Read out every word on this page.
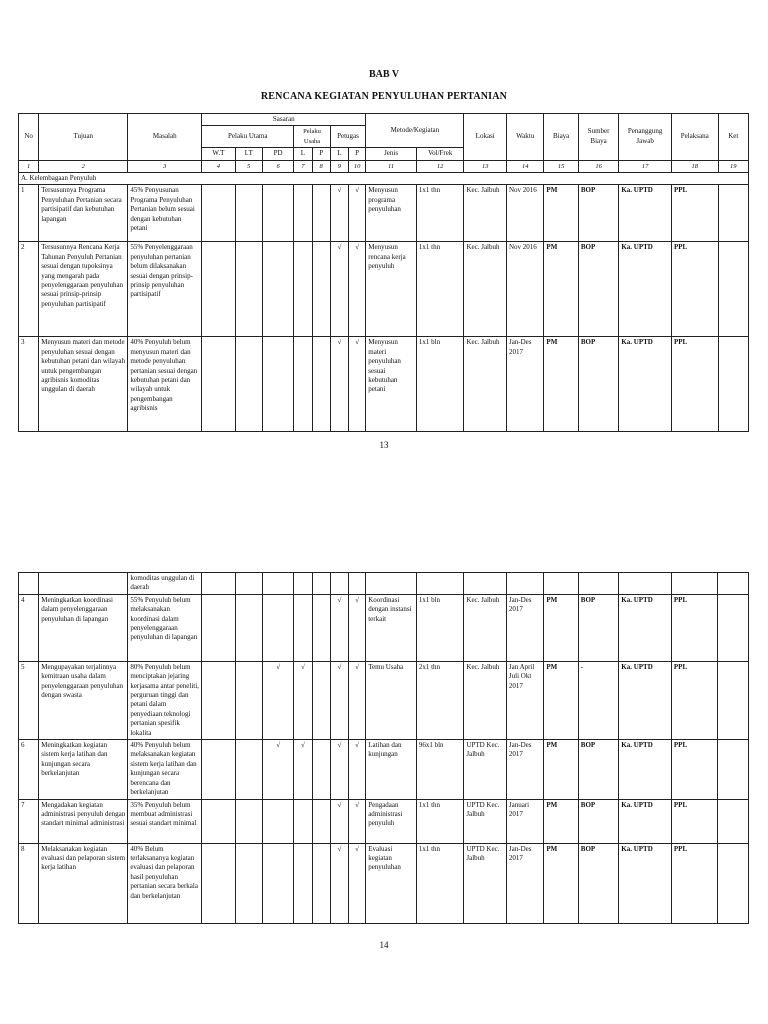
BAB V
RENCANA KEGIATAN PENYULUHAN PERTANIAN
No	Tujuan	Masalah	Sasaran							Metode/Kegiatan		Lokasi	Waktu	Biaya	Sumber Biaya	Penanggung Jawab	Pelaksana	Ket
			Pelaku Utama			Pelaku Usaha		Petugas										
			W.T	I.T	PD	L	P	L	P	Jenis	Vol/Frek							
1	2	3	4	5	6	7	8	9	10	11	12	13	14	15	16	17	18	19
A. Kelembagaan Penyuluh																		
1	Tersusunnya Programa Penyuluhan Pertanian secara partisipatif dan kebutuhan lapangan	45% Penyusunan Programa Penyuluhan Pertanian belum sesuai dengan kebutuhan petani						√	√	Menyusun programa penyuluhan	1x1 thn	Kec. Jalbuh	Nov 2016	PM	BOP	Ka. UPTD	PPL	
2	Tersusunnya Rencana Kerja Tahunan Penyuluh Pertanian sesuai dengan tupoksinya yang mengarah pada penyelenggaraan penyuluhan sesuai prinsip-prinsip penyuluhan partisipatif	55% Penyelenggaraan penyuluhan pertanian belum dilaksanakan sesuai dengan prinsip-prinsip penyuluhan partisipatif						√	√	Menyusun rencana kerja penyuluh	1x1 thn	Kec. Jalbuh	Nov 2016	PM	BOP	Ka. UPTD	PPL	
3	Menyusun materi dan metode penyuluhan sesuai dengan kebutuhan petani dan wilayah untuk pengembangan agribisnis komoditas unggulan di daerah	40% Penyuluh belum menyusun materi dan metode penyuluhan pertanian sesuai dengan kebutuhan petani dan wilayah untuk pengembangan agribisnis						√	√	Menyusun materi penyuluhan sesuai kebutuhan petani	1x1 bln	Kec. Jalbuh	Jan-Des 2017	PM	BOP	Ka. UPTD	PPL	
13
		komoditas unggulan di daerah																
4	Meningkatkan koordinasi dalam penyelenggaraan penyuluhan di lapangan	55% Penyuluh belum melaksanakan koordinasi dalam penyelenggaraan penyuluhan di lapangan						√	√	Koordinasi dengan instansi terkait	1x1 bln	Kec. Jalbuh	Jan-Des 2017	PM	BOP	Ka. UPTD	PPL	
5	Mengupayakan terjalinnya kemitraan usaha dalam penyelenggaraan penyuluhan dengan swasta	80% Penyuluh belum menciptakan jejaring kerjasama antar peneliti, perguruan tinggi dan petani dalam penyediaan teknologi pertanian spesifik lokalita			√	√		√	√	Temu Usaha	2x1 thn	Kec. Jalbuh	Jan April Juli Okt 2017	PM	-	Ka. UPTD	PPL	
6	Meningkatkan kegiatan sistem kerja latihan dan kunjungan secara berkelanjutan	40% Penyuluh belum melaksanakan kegiatan sistem kerja latihan dan kunjungan secara berencana dan berkelanjutan			√	√		√	√	Latihan dan kunjungan	96x1 bln	UPTD Kec. Jalbuh	Jan-Des 2017	PM	BOP	Ka. UPTD	PPL	
7	Mengadakan kegiatan administrasi penyuluh dengan standart minimal administrasi	35% Penyuluh belum membuat administrasi sesuai standart minimal						√	√	Pengadaan administrasi penyuluh	1x1 thn	UPTD Kec. Jalbuh	Januari 2017	PM	BOP	Ka. UPTD	PPL	
8	Melaksanakan kegiatan evaluasi dan pelaporan sistem kerja latihan	40% Belum terlaksananya kegiatan evaluasi dan pelaporan hasil penyuluhan pertanian secara berkala dan berkelanjutan						√	√	Evaluasi kegiatan penyuluhan	1x1 thn	UPTD Kec. Jalbuh	Jan-Des 2017	PM	BOP	Ka. UPTD	PPL	
14
